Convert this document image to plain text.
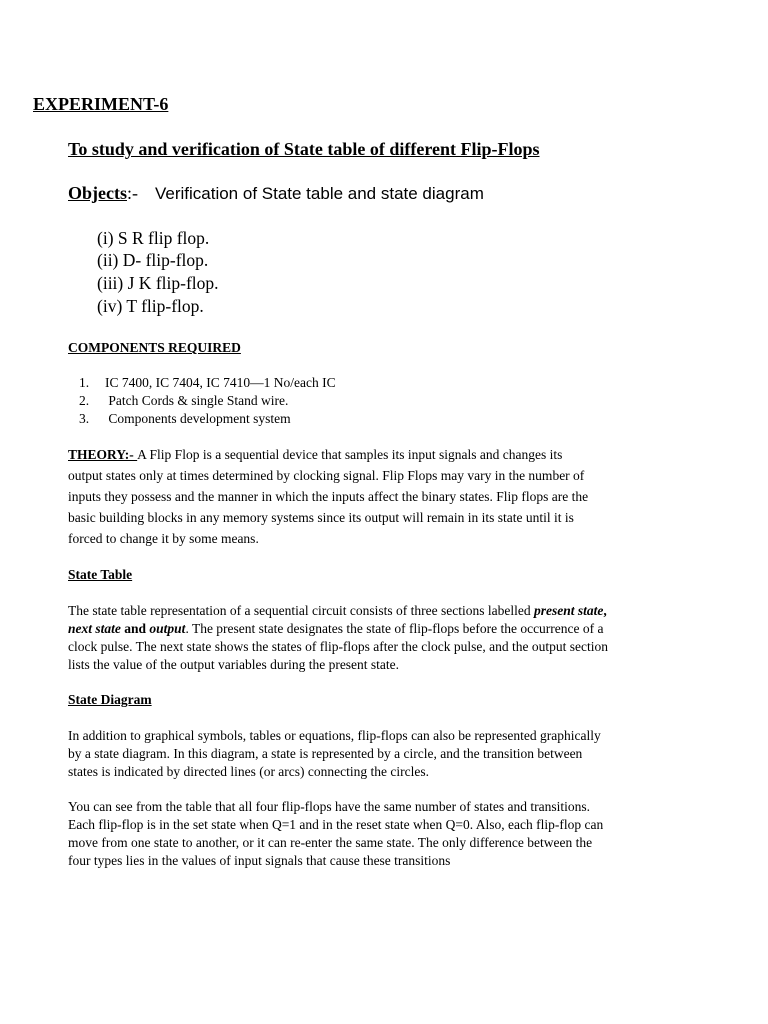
EXPERIMENT-6
To study and verification of State table of different Flip-Flops
Objects:- Verification of State table and state diagram
(i) S R flip flop.
(ii) D- flip-flop.
(iii) J K flip-flop.
(iv) T flip-flop.
COMPONENTS REQUIRED
1. IC 7400, IC 7404, IC 7410—1 No/each IC
2. Patch Cords & single Stand wire.
3. Components development system
THEORY:- A Flip Flop is a sequential device that samples its input signals and changes its
output states only at times determined by clocking signal. Flip Flops may vary in the number of
inputs they possess and the manner in which the inputs affect the binary states. Flip flops are the
basic building blocks in any memory systems since its output will remain in its state until it is
forced to change it by some means.
State Table
The state table representation of a sequential circuit consists of three sections labelled present state,
next state and output. The present state designates the state of flip-flops before the occurrence of a
clock pulse. The next state shows the states of flip-flops after the clock pulse, and the output section
lists the value of the output variables during the present state.
State Diagram
In addition to graphical symbols, tables or equations, flip-flops can also be represented graphically
by a state diagram. In this diagram, a state is represented by a circle, and the transition between
states is indicated by directed lines (or arcs) connecting the circles.
You can see from the table that all four flip-flops have the same number of states and transitions.
Each flip-flop is in the set state when Q=1 and in the reset state when Q=0. Also, each flip-flop can
move from one state to another, or it can re-enter the same state. The only difference between the
four types lies in the values of input signals that cause these transitions
